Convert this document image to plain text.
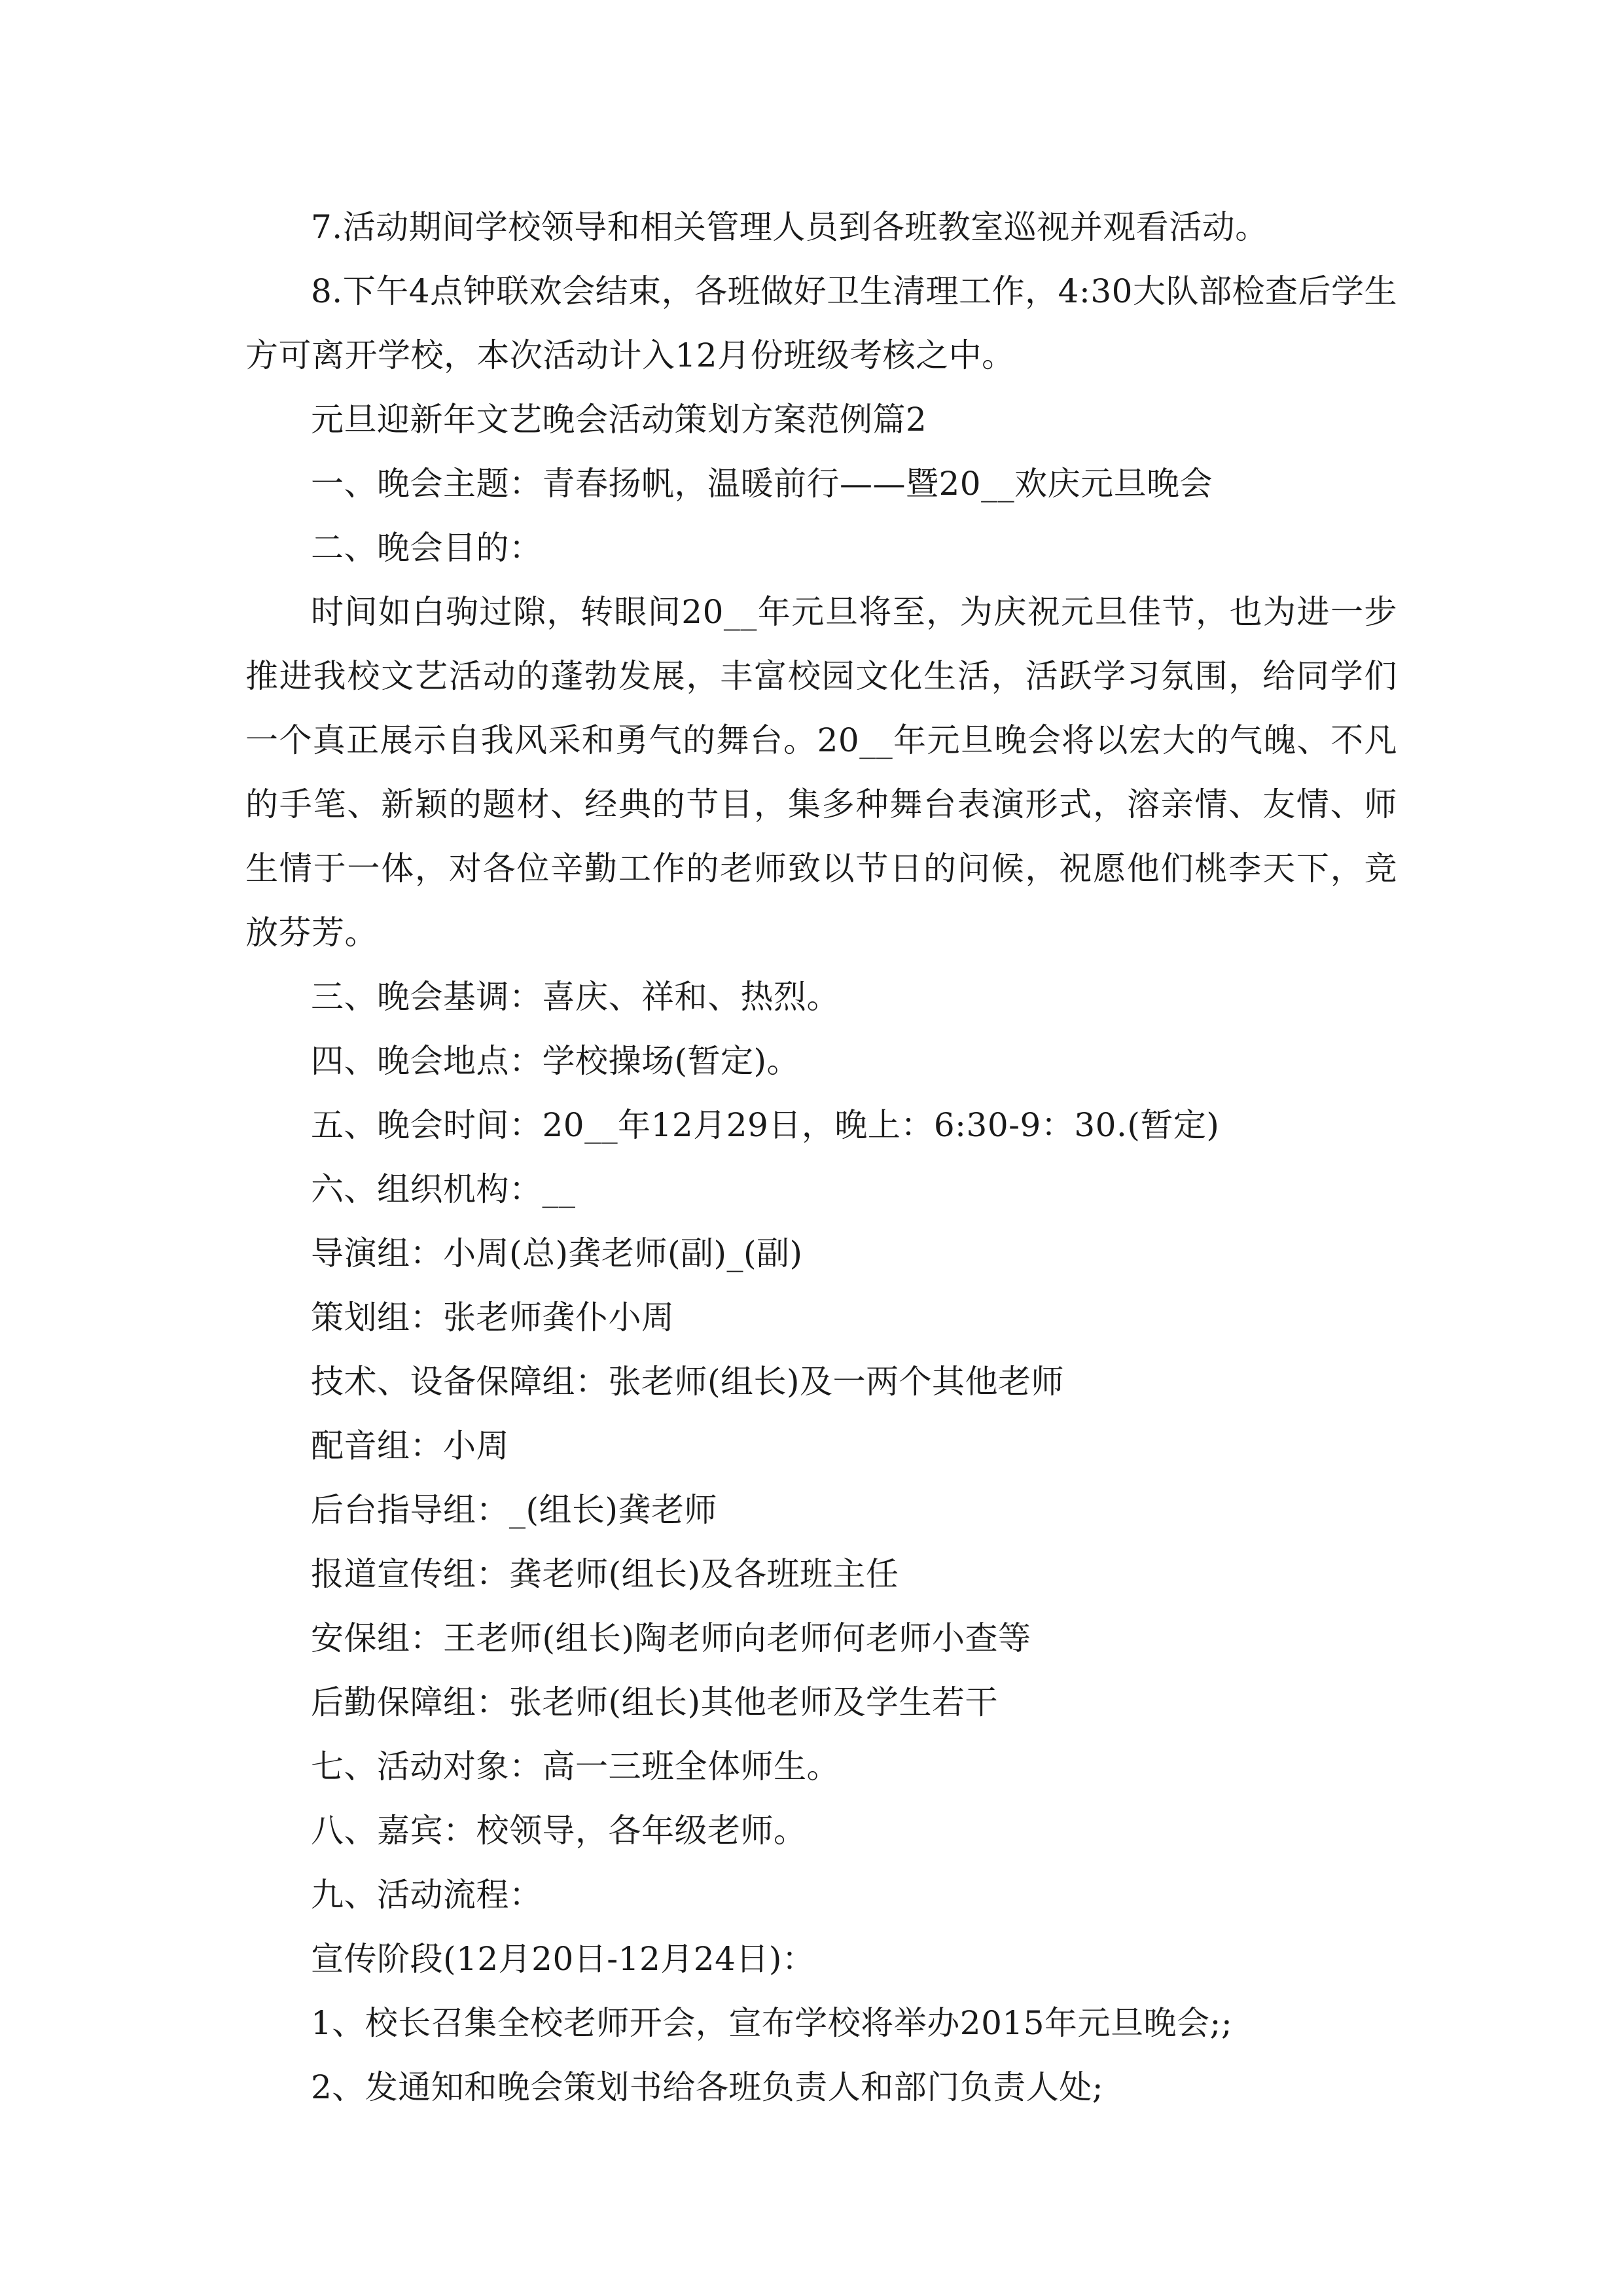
7.活动期间学校领导和相关管理人员到各班教室巡视并观看活动。

8.下午4点钟联欢会结束，各班做好卫生清理工作，4:30大队部检查后学生方可离开学校，本次活动计入12月份班级考核之中。

元旦迎新年文艺晚会活动策划方案范例篇2

一、晚会主题：青春扬帆，温暖前行——暨20__欢庆元旦晚会

二、晚会目的：

时间如白驹过隙，转眼间20__年元旦将至，为庆祝元旦佳节，也为进一步推进我校文艺活动的蓬勃发展，丰富校园文化生活，活跃学习氛围，给同学们一个真正展示自我风采和勇气的舞台。20__年元旦晚会将以宏大的气魄、不凡的手笔、新颖的题材、经典的节目，集多种舞台表演形式，溶亲情、友情、师生情于一体，对各位辛勤工作的老师致以节日的问候，祝愿他们桃李天下，竞放芬芳。

三、晚会基调：喜庆、祥和、热烈。

四、晚会地点：学校操场(暂定)。

五、晚会时间：20__年12月29日，晚上：6:30-9：30.(暂定)

六、组织机构：__

导演组：小周(总)龚老师(副)_(副)

策划组：张老师龚仆小周

技术、设备保障组：张老师(组长)及一两个其他老师

配音组：小周

后台指导组：_(组长)龚老师

报道宣传组：龚老师(组长)及各班班主任

安保组：王老师(组长)陶老师向老师何老师小查等

后勤保障组：张老师(组长)其他老师及学生若干

七、活动对象：高一三班全体师生。

八、嘉宾：校领导，各年级老师。

九、活动流程：

宣传阶段(12月20日-12月24日)：

1、校长召集全校老师开会，宣布学校将举办2015年元旦晚会;;

2、发通知和晚会策划书给各班负责人和部门负责人处;
